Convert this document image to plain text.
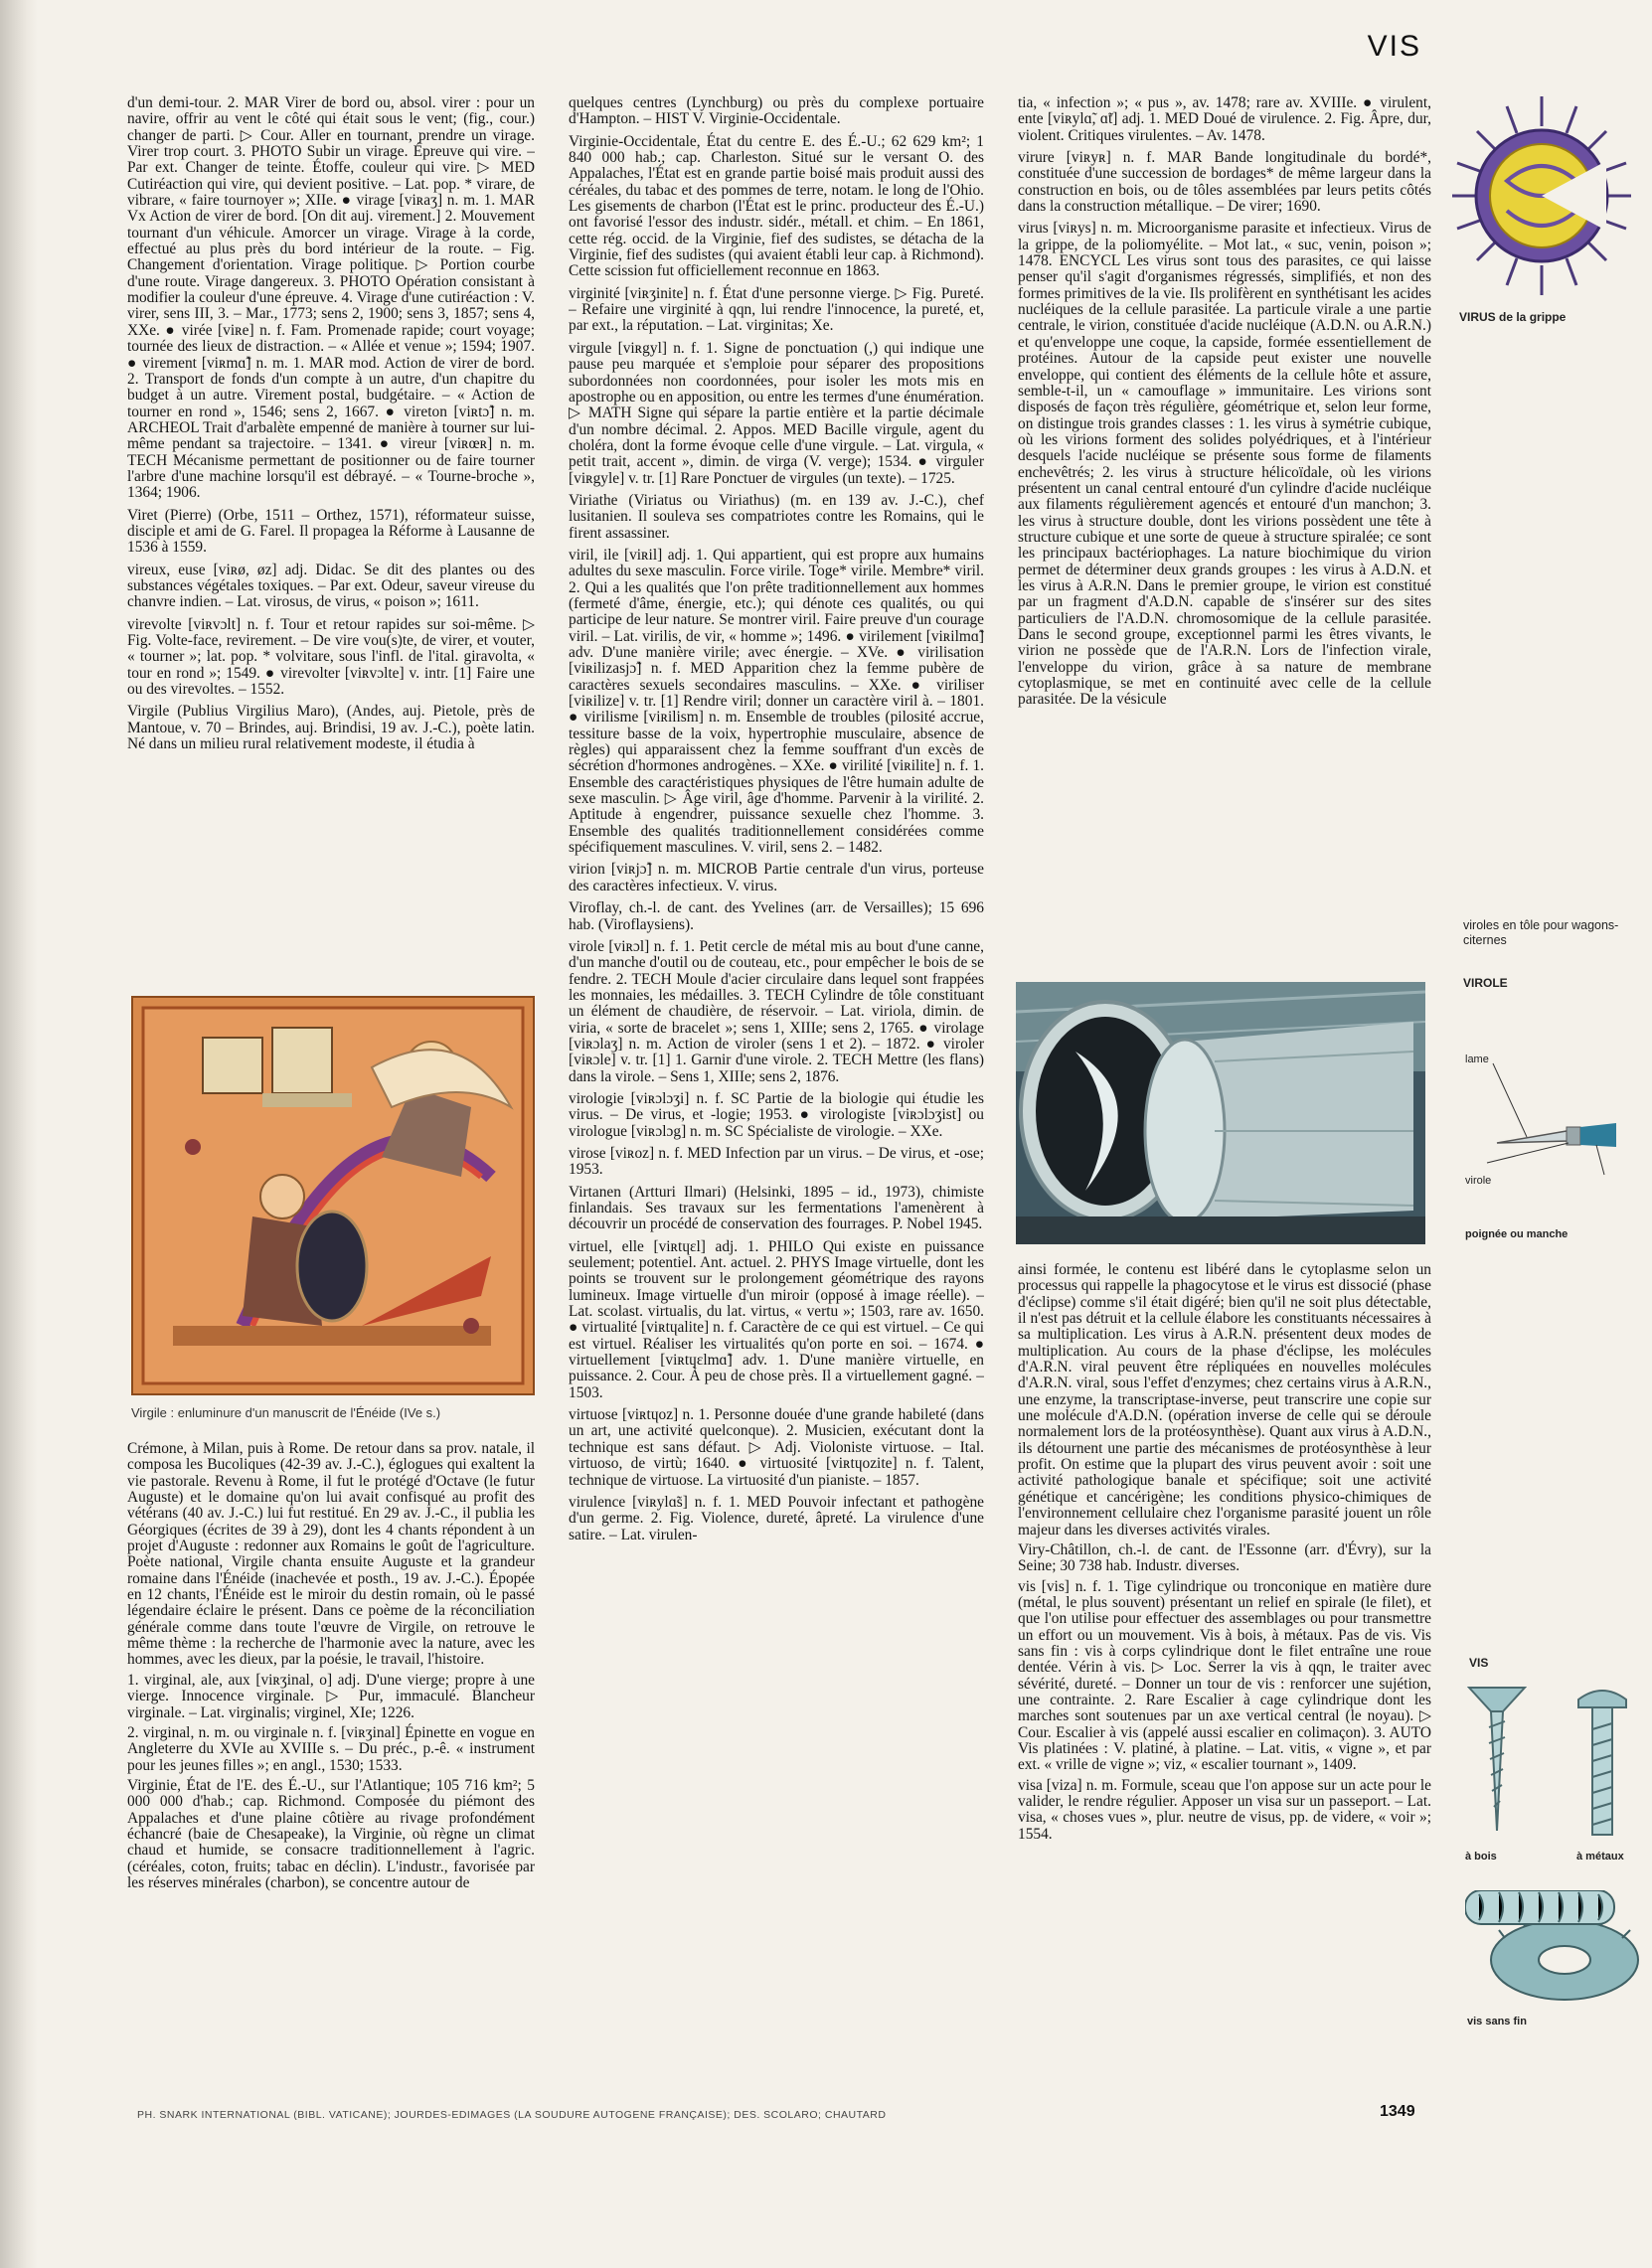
VIS

d'un demi-tour. 2. MAR Virer de bord ou, absol. virer : pour un navire, offrir au vent le côté qui était sous le vent; (fig., cour.) changer de parti. ▷ Cour. Aller en tournant, prendre un virage. Virer trop court. 3. PHOTO Subir un virage. Épreuve qui vire. – Par ext. Changer de teinte. Étoffe, couleur qui vire. ▷ MED Cutiréaction qui vire, qui devient positive. – Lat. pop. * virare, de vibrare, « faire tournoyer »; XIIe. ● virage [viʀaʒ] n. m. 1. MAR Vx Action de virer de bord. [On dit auj. virement.] 2. Mouvement tournant d'un véhicule. Amorcer un virage. Virage à la corde, effectué au plus près du bord intérieur de la route. – Fig. Changement d'orientation. Virage politique. ▷ Portion courbe d'une route. Virage dangereux. 3. PHOTO Opération consistant à modifier la couleur d'une épreuve. 4. Virage d'une cutiréaction : V. virer, sens III, 3. – Mar., 1773; sens 2, 1900; sens 3, 1857; sens 4, XXe. ● virée [viʀe] n. f. Fam. Promenade rapide; court voyage; tournée des lieux de distraction. – « Allée et venue »; 1594; 1907. ● virement [viʀmɑ̃] n. m. 1. MAR mod. Action de virer de bord. 2. Transport de fonds d'un compte à un autre, d'un chapitre du budget à un autre. Virement postal, budgétaire. – « Action de tourner en rond », 1546; sens 2, 1667. ● vireton [viʀtɔ̃] n. m. ARCHEOL Trait d'arbalète empenné de manière à tourner sur lui-même pendant sa trajectoire. – 1341. ● vireur [viʀœʀ] n. m. TECH Mécanisme permettant de positionner ou de faire tourner l'arbre d'une machine lorsqu'il est débrayé. – « Tourne-broche », 1364; 1906.

Viret (Pierre) (Orbe, 1511 – Orthez, 1571), réformateur suisse, disciple et ami de G. Farel. Il propagea la Réforme à Lausanne de 1536 à 1559.

vireux, euse [viʀø, øz] adj. Didac. Se dit des plantes ou des substances végétales toxiques. – Par ext. Odeur, saveur vireuse du chanvre indien. – Lat. virosus, de virus, « poison »; 1611.

virevolte [viʀvɔlt] n. f. Tour et retour rapides sur soi-même. ▷ Fig. Volte-face, revirement. – De vire vou(s)te, de virer, et vouter, « tourner »; lat. pop. * volvitare, sous l'infl. de l'ital. giravolta, « tour en rond »; 1549. ● virevolter [viʀvɔlte] v. intr. [1] Faire une ou des virevoltes. – 1552.

Virgile (Publius Virgilius Maro), (Andes, auj. Pietole, près de Mantoue, v. 70 – Brindes, auj. Brindisi, 19 av. J.-C.), poète latin. Né dans un milieu rural relativement modeste, il étudia à

Virgile : enluminure d'un manuscrit de l'Énéide (IVe s.)

Crémone, à Milan, puis à Rome. De retour dans sa prov. natale, il composa les Bucoliques (42-39 av. J.-C.), églogues qui exaltent la vie pastorale. Revenu à Rome, il fut le protégé d'Octave (le futur Auguste) et le domaine qu'on lui avait confisqué au profit des vétérans (40 av. J.-C.) lui fut restitué. En 29 av. J.-C., il publia les Géorgiques (écrites de 39 à 29), dont les 4 chants répondent à un projet d'Auguste : redonner aux Romains le goût de l'agriculture. Poète national, Virgile chanta ensuite Auguste et la grandeur romaine dans l'Énéide (inachevée et posth., 19 av. J.-C.). Épopée en 12 chants, l'Énéide est le miroir du destin romain, où le passé légendaire éclaire le présent. Dans ce poème de la réconciliation générale comme dans toute l'œuvre de Virgile, on retrouve le même thème : la recherche de l'harmonie avec la nature, avec les hommes, avec les dieux, par la poésie, le travail, l'histoire.

1. virginal, ale, aux [viʀʒinal, o] adj. D'une vierge; propre à une vierge. Innocence virginale. ▷ Pur, immaculé. Blancheur virginale. – Lat. virginalis; virginel, XIe; 1226.

2. virginal, n. m. ou virginale n. f. [viʀʒinal] Épinette en vogue en Angleterre du XVIe au XVIIIe s. – Du préc., p.-ê. « instrument pour les jeunes filles »; en angl., 1530; 1533.

Virginie, État de l'E. des É.-U., sur l'Atlantique; 105 716 km²; 5 000 000 d'hab.; cap. Richmond. Composée du piémont des Appalaches et d'une plaine côtière au rivage profondément échancré (baie de Chesapeake), la Virginie, où règne un climat chaud et humide, se consacre traditionnellement à l'agric. (céréales, coton, fruits; tabac en déclin). L'industr., favorisée par les réserves minérales (charbon), se concentre autour de

quelques centres (Lynchburg) ou près du complexe portuaire d'Hampton. – HIST V. Virginie-Occidentale.

Virginie-Occidentale, État du centre E. des É.-U.; 62 629 km²; 1 840 000 hab.; cap. Charleston. Situé sur le versant O. des Appalaches, l'État est en grande partie boisé mais produit aussi des céréales, du tabac et des pommes de terre, notam. le long de l'Ohio. Les gisements de charbon (l'État est le princ. producteur des É.-U.) ont favorisé l'essor des industr. sidér., métall. et chim. – En 1861, cette rég. occid. de la Virginie, fief des sudistes, se détacha de la Virginie, fief des sudistes (qui avaient établi leur cap. à Richmond). Cette scission fut officiellement reconnue en 1863.

virginité [viʀʒinite] n. f. État d'une personne vierge. ▷ Fig. Pureté. – Refaire une virginité à qqn, lui rendre l'innocence, la pureté, et, par ext., la réputation. – Lat. virginitas; Xe.

virgule [viʀgyl] n. f. 1. Signe de ponctuation (,) qui indique une pause peu marquée et s'emploie pour séparer des propositions subordonnées non coordonnées, pour isoler les mots mis en apostrophe ou en apposition, ou entre les termes d'une énumération. ▷ MATH Signe qui sépare la partie entière et la partie décimale d'un nombre décimal. 2. Appos. MED Bacille virgule, agent du choléra, dont la forme évoque celle d'une virgule. – Lat. virgula, « petit trait, accent », dimin. de virga (V. verge); 1534. ● virguler [viʀgyle] v. tr. [1] Rare Ponctuer de virgules (un texte). – 1725.

Viriathe (Viriatus ou Viriathus) (m. en 139 av. J.-C.), chef lusitanien. Il souleva ses compatriotes contre les Romains, qui le firent assassiner.

viril, ile [viʀil] adj. 1. Qui appartient, qui est propre aux humains adultes du sexe masculin. Force virile. Toge* virile. Membre* viril. 2. Qui a les qualités que l'on prête traditionnellement aux hommes (fermeté d'âme, énergie, etc.); qui dénote ces qualités, ou qui participe de leur nature. Se montrer viril. Faire preuve d'un courage viril. – Lat. virilis, de vir, « homme »; 1496. ● virilement [viʀilmɑ̃] adv. D'une manière virile; avec énergie. – XVe. ● virilisation [viʀilizasjɔ̃] n. f. MED Apparition chez la femme pubère de caractères sexuels secondaires masculins. – XXe. ● viriliser [viʀilize] v. tr. [1] Rendre viril; donner un caractère viril à. – 1801. ● virilisme [viʀilism] n. m. Ensemble de troubles (pilosité accrue, tessiture basse de la voix, hypertrophie musculaire, absence de règles) qui apparaissent chez la femme souffrant d'un excès de sécrétion d'hormones androgènes. – XXe. ● virilité [viʀilite] n. f. 1. Ensemble des caractéristiques physiques de l'être humain adulte de sexe masculin. ▷ Âge viril, âge d'homme. Parvenir à la virilité. 2. Aptitude à engendrer, puissance sexuelle chez l'homme. 3. Ensemble des qualités traditionnellement considérées comme spécifiquement masculines. V. viril, sens 2. – 1482.

virion [viʀjɔ̃] n. m. MICROB Partie centrale d'un virus, porteuse des caractères infectieux. V. virus.

Viroflay, ch.-l. de cant. des Yvelines (arr. de Versailles); 15 696 hab. (Viroflaysiens).

virole [viʀɔl] n. f. 1. Petit cercle de métal mis au bout d'une canne, d'un manche d'outil ou de couteau, etc., pour empêcher le bois de se fendre. 2. TECH Moule d'acier circulaire dans lequel sont frappées les monnaies, les médailles. 3. TECH Cylindre de tôle constituant un élément de chaudière, de réservoir. – Lat. viriola, dimin. de viria, « sorte de bracelet »; sens 1, XIIIe; sens 2, 1765. ● virolage [viʀɔlaʒ] n. m. Action de viroler (sens 1 et 2). – 1872. ● viroler [viʀɔle] v. tr. [1] 1. Garnir d'une virole. 2. TECH Mettre (les flans) dans la virole. – Sens 1, XIIIe; sens 2, 1876.

virologie [viʀɔlɔʒi] n. f. SC Partie de la biologie qui étudie les virus. – De virus, et -logie; 1953. ● virologiste [viʀɔlɔʒist] ou virologue [viʀɔlɔg] n. m. SC Spécialiste de virologie. – XXe.

virose [viʀoz] n. f. MED Infection par un virus. – De virus, et -ose; 1953.

Virtanen (Artturi Ilmari) (Helsinki, 1895 – id., 1973), chimiste finlandais. Ses travaux sur les fermentations l'amenèrent à découvrir un procédé de conservation des fourrages. P. Nobel 1945.

virtuel, elle [viʀtɥɛl] adj. 1. PHILO Qui existe en puissance seulement; potentiel. Ant. actuel. 2. PHYS Image virtuelle, dont les points se trouvent sur le prolongement géométrique des rayons lumineux. Image virtuelle d'un miroir (opposé à image réelle). – Lat. scolast. virtualis, du lat. virtus, « vertu »; 1503, rare av. 1650. ● virtualité [viʀtɥalite] n. f. Caractère de ce qui est virtuel. – Ce qui est virtuel. Réaliser les virtualités qu'on porte en soi. – 1674. ● virtuellement [viʀtɥɛlmɑ̃] adv. 1. D'une manière virtuelle, en puissance. 2. Cour. À peu de chose près. Il a virtuellement gagné. – 1503.

virtuose [viʀtɥoz] n. 1. Personne douée d'une grande habileté (dans un art, une activité quelconque). 2. Musicien, exécutant dont la technique est sans défaut. ▷ Adj. Violoniste virtuose. – Ital. virtuoso, de virtù; 1640. ● virtuosité [viʀtɥozite] n. f. Talent, technique de virtuose. La virtuosité d'un pianiste. – 1857.

virulence [viʀylɑ̃s] n. f. 1. MED Pouvoir infectant et pathogène d'un germe. 2. Fig. Violence, dureté, âpreté. La virulence d'une satire. – Lat. virulen-

tia, « infection »; « pus », av. 1478; rare av. XVIIIe. ● virulent, ente [viʀylɑ̃, ɑ̃t] adj. 1. MED Doué de virulence. 2. Fig. Âpre, dur, violent. Critiques virulentes. – Av. 1478.

virure [viʀyʀ] n. f. MAR Bande longitudinale du bordé*, constituée d'une succession de bordages* de même largeur dans la construction en bois, ou de tôles assemblées par leurs petits côtés dans la construction métallique. – De virer; 1690.

virus [viʀys] n. m. Microorganisme parasite et infectieux. Virus de la grippe, de la poliomyélite. – Mot lat., « suc, venin, poison »; 1478. ENCYCL Les virus sont tous des parasites, ce qui laisse penser qu'il s'agit d'organismes régressés, simplifiés, et non des formes primitives de la vie. Ils prolifèrent en synthétisant les acides nucléiques de la cellule parasitée. La particule virale a une partie centrale, le virion, constituée d'acide nucléique (A.D.N. ou A.R.N.) et qu'enveloppe une coque, la capside, formée essentiellement de protéines. Autour de la capside peut exister une nouvelle enveloppe, qui contient des éléments de la cellule hôte et assure, semble-t-il, un « camouflage » immunitaire. Les virions sont disposés de façon très régulière, géométrique et, selon leur forme, on distingue trois grandes classes : 1. les virus à symétrie cubique, où les virions forment des solides polyédriques, et à l'intérieur desquels l'acide nucléique se présente sous forme de filaments enchevêtrés; 2. les virus à structure hélicoïdale, où les virions présentent un canal central entouré d'un cylindre d'acide nucléique aux filaments régulièrement agencés et entouré d'un manchon; 3. les virus à structure double, dont les virions possèdent une tête à structure cubique et une sorte de queue à structure spiralée; ce sont les principaux bactériophages. La nature biochimique du virion permet de déterminer deux grands groupes : les virus à A.D.N. et les virus à A.R.N. Dans le premier groupe, le virion est constitué par un fragment d'A.D.N. capable de s'insérer sur des sites particuliers de l'A.D.N. chromosomique de la cellule parasitée. Dans le second groupe, exceptionnel parmi les êtres vivants, le virion ne possède que de l'A.R.N. Lors de l'infection virale, l'enveloppe du virion, grâce à sa nature de membrane cytoplasmique, se met en continuité avec celle de la cellule parasitée. De la vésicule

ainsi formée, le contenu est libéré dans le cytoplasme selon un processus qui rappelle la phagocytose et le virus est dissocié (phase d'éclipse) comme s'il était digéré; bien qu'il ne soit plus détectable, il n'est pas détruit et la cellule élabore les constituants nécessaires à sa multiplication. Les virus à A.R.N. présentent deux modes de multiplication. Au cours de la phase d'éclipse, les molécules d'A.R.N. viral peuvent être répliquées en nouvelles molécules d'A.R.N. viral, sous l'effet d'enzymes; chez certains virus à A.R.N., une enzyme, la transcriptase-inverse, peut transcrire une copie sur une molécule d'A.D.N. (opération inverse de celle qui se déroule normalement lors de la protéosynthèse). Quant aux virus à A.D.N., ils détournent une partie des mécanismes de protéosynthèse à leur profit. On estime que la plupart des virus peuvent avoir : soit une activité pathologique banale et spécifique; soit une activité génétique et cancérigène; les conditions physico-chimiques de l'environnement cellulaire chez l'organisme parasité jouent un rôle majeur dans les diverses activités virales.

Viry-Châtillon, ch.-l. de cant. de l'Essonne (arr. d'Évry), sur la Seine; 30 738 hab. Industr. diverses.

vis [vis] n. f. 1. Tige cylindrique ou tronconique en matière dure (métal, le plus souvent) présentant un relief en spirale (le filet), et que l'on utilise pour effectuer des assemblages ou pour transmettre un effort ou un mouvement. Vis à bois, à métaux. Pas de vis. Vis sans fin : vis à corps cylindrique dont le filet entraîne une roue dentée. Vérin à vis. ▷ Loc. Serrer la vis à qqn, le traiter avec sévérité, dureté. – Donner un tour de vis : renforcer une sujétion, une contrainte. 2. Rare Escalier à cage cylindrique dont les marches sont soutenues par un axe vertical central (le noyau). ▷ Cour. Escalier à vis (appelé aussi escalier en colimaçon). 3. AUTO Vis platinées : V. platiné, à platine. – Lat. vitis, « vigne », et par ext. « vrille de vigne »; viz, « escalier tournant », 1409.

visa [viza] n. m. Formule, sceau que l'on appose sur un acte pour le valider, le rendre régulier. Apposer un visa sur un passeport. – Lat. visa, « choses vues », plur. neutre de visus, pp. de videre, « voir »; 1554.

VIRUS de la grippe
viroles en tôle pour wagons-citernes
VIROLE
lame
virole
poignée ou manche
VIS
à bois	à métaux
vis sans fin
PH. SNARK INTERNATIONAL (BIBL. VATICANE); JOURDES-EDIMAGES (LA SOUDURE AUTOGENE FRANÇAISE); DES. SCOLARO; CHAUTARD	1349
